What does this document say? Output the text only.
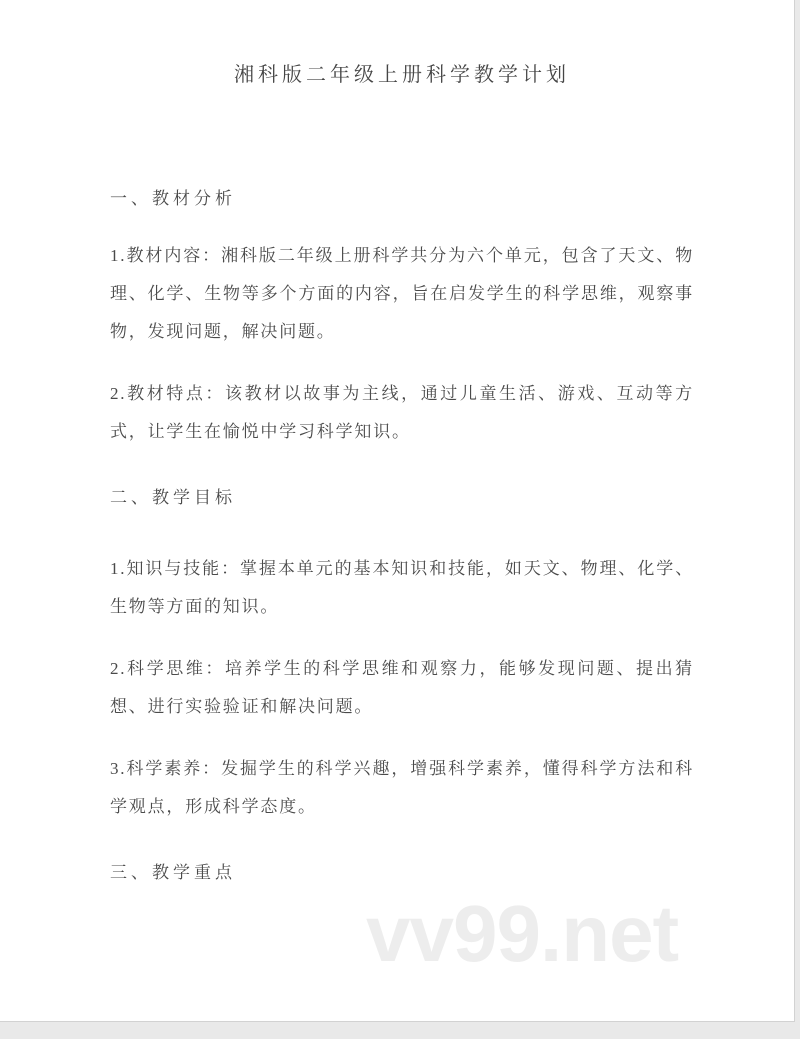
vv99.net
湘科版二年级上册科学教学计划
一、教材分析
1.教材内容：湘科版二年级上册科学共分为六个单元，包含了天文、物理、化学、生物等多个方面的内容，旨在启发学生的科学思维，观察事物，发现问题，解决问题。
2.教材特点：该教材以故事为主线，通过儿童生活、游戏、互动等方式，让学生在愉悦中学习科学知识。
二、教学目标
1.知识与技能：掌握本单元的基本知识和技能，如天文、物理、化学、生物等方面的知识。
2.科学思维：培养学生的科学思维和观察力，能够发现问题、提出猜想、进行实验验证和解决问题。
3.科学素养：发掘学生的科学兴趣，增强科学素养，懂得科学方法和科学观点，形成科学态度。
三、教学重点
